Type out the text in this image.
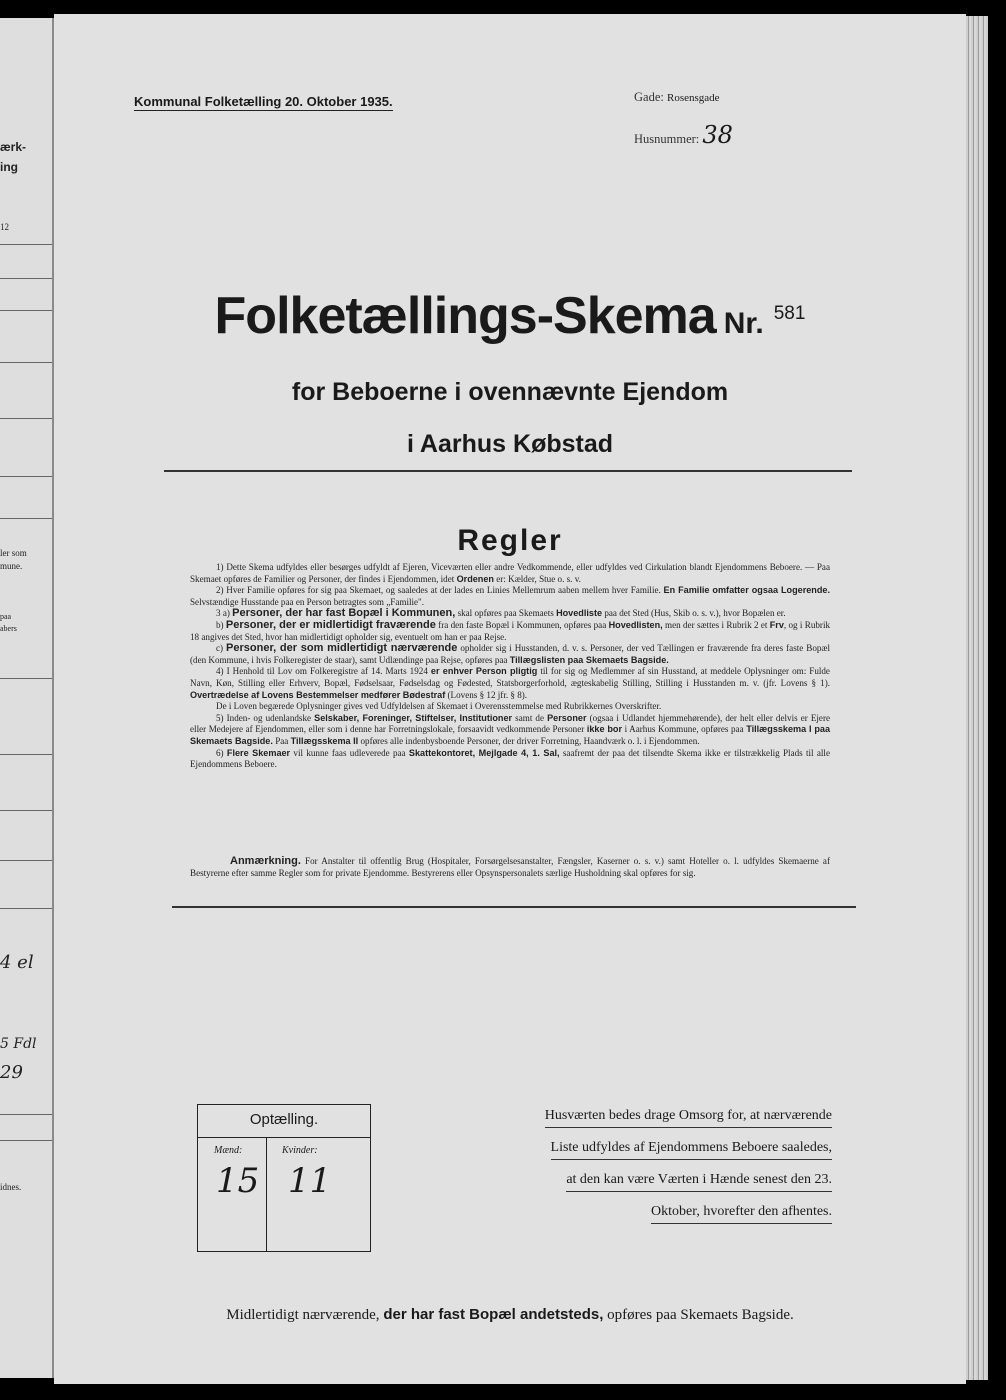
ærk-
ing
12
ler som
mune.
paa
abers
4 el
5 Fdl
29
idnes.
Kommunal Folketælling 20. Oktober 1935.	Gade: Rosensgade
Husnummer: 38
Folketællings-Skema Nr. 581
for Beboerne i ovennævnte Ejendom
i Aarhus Købstad
Regler

1) Dette Skema udfyldes eller besørges udfyldt af Ejeren, Viceværten eller andre Vedkommende, eller udfyldes ved Cirkulation blandt Ejendommens Beboere. — Paa Skemaet opføres de Familier og Personer, der findes i Ejendommen, idet Ordenen er: Kælder, Stue o. s. v.

2) Hver Familie opføres for sig paa Skemaet, og saaledes at der lades en Linies Mellemrum aaben mellem hver Familie. En Familie omfatter ogsaa Logerende. Selvstændige Husstande paa en Person betragtes som „Familie".

3 a) Personer, der har fast Bopæl i Kommunen, skal opføres paa Skemaets Hovedliste paa det Sted (Hus, Skib o. s. v.), hvor Bopælen er.

b) Personer, der er midlertidigt fraværende fra den faste Bopæl i Kommunen, opføres paa Hovedlisten, men der sættes i Rubrik 2 et Frv, og i Rubrik 18 angives det Sted, hvor han midlertidigt opholder sig, eventuelt om han er paa Rejse.

c) Personer, der som midlertidigt nærværende opholder sig i Husstanden, d. v. s. Personer, der ved Tællingen er fraværende fra deres faste Bopæl (den Kommune, i hvis Folkeregister de staar), samt Udlændinge paa Rejse, opføres paa Tillægslisten paa Skemaets Bagside.

4) I Henhold til Lov om Folkeregistre af 14. Marts 1924 er enhver Person pligtig til for sig og Medlemmer af sin Husstand, at meddele Oplysninger om: Fulde Navn, Køn, Stilling eller Erhverv, Bopæl, Fødselsaar, Fødselsdag og Fødested, Statsborgerforhold, ægteskabelig Stilling, Stilling i Husstanden m. v. (jfr. Lovens § 1). Overtrædelse af Lovens Bestemmelser medfører Bødestraf (Lovens § 12 jfr. § 8).

De i Loven begærede Oplysninger gives ved Udfyldelsen af Skemaet i Overensstemmelse med Rubrikkernes Overskrifter.

5) Inden- og udenlandske Selskaber, Foreninger, Stiftelser, Institutioner samt de Personer (ogsaa i Udlandet hjemmehørende), der helt eller delvis er Ejere eller Medejere af Ejendommen, eller som i denne har Forretningslokale, forsaavidt vedkommende Personer ikke bor i Aarhus Kommune, opføres paa Tillægsskema I paa Skemaets Bagside. Paa Tillægsskema II opføres alle indenbysboende Personer, der driver Forretning, Haandværk o. l. i Ejendommen.

6) Flere Skemaer vil kunne faas udleverede paa Skattekontoret, Mejlgade 4, 1. Sal, saafremt der paa det tilsendte Skema ikke er tilstrækkelig Plads til alle Ejendommens Beboere.

Anmærkning. For Anstalter til offentlig Brug (Hospitaler, Forsørgelsesanstalter, Fængsler, Kaserner o. s. v.) samt Hoteller o. l. udfyldes Skemaerne af Bestyrerne efter samme Regler som for private Ejendomme. Bestyrerens eller Opsynspersonalets særlige Husholdning skal opføres for sig.

Optælling.
Mænd:	Kvinder:
15 11
Husværten bedes drage Omsorg for, at nærværende
Liste udfyldes af Ejendommens Beboere saaledes,
at den kan være Værten i Hænde senest den 23.
Oktober, hvorefter den afhentes.
Midlertidigt nærværende, der har fast Bopæl andetsteds, opføres paa Skemaets Bagside.
